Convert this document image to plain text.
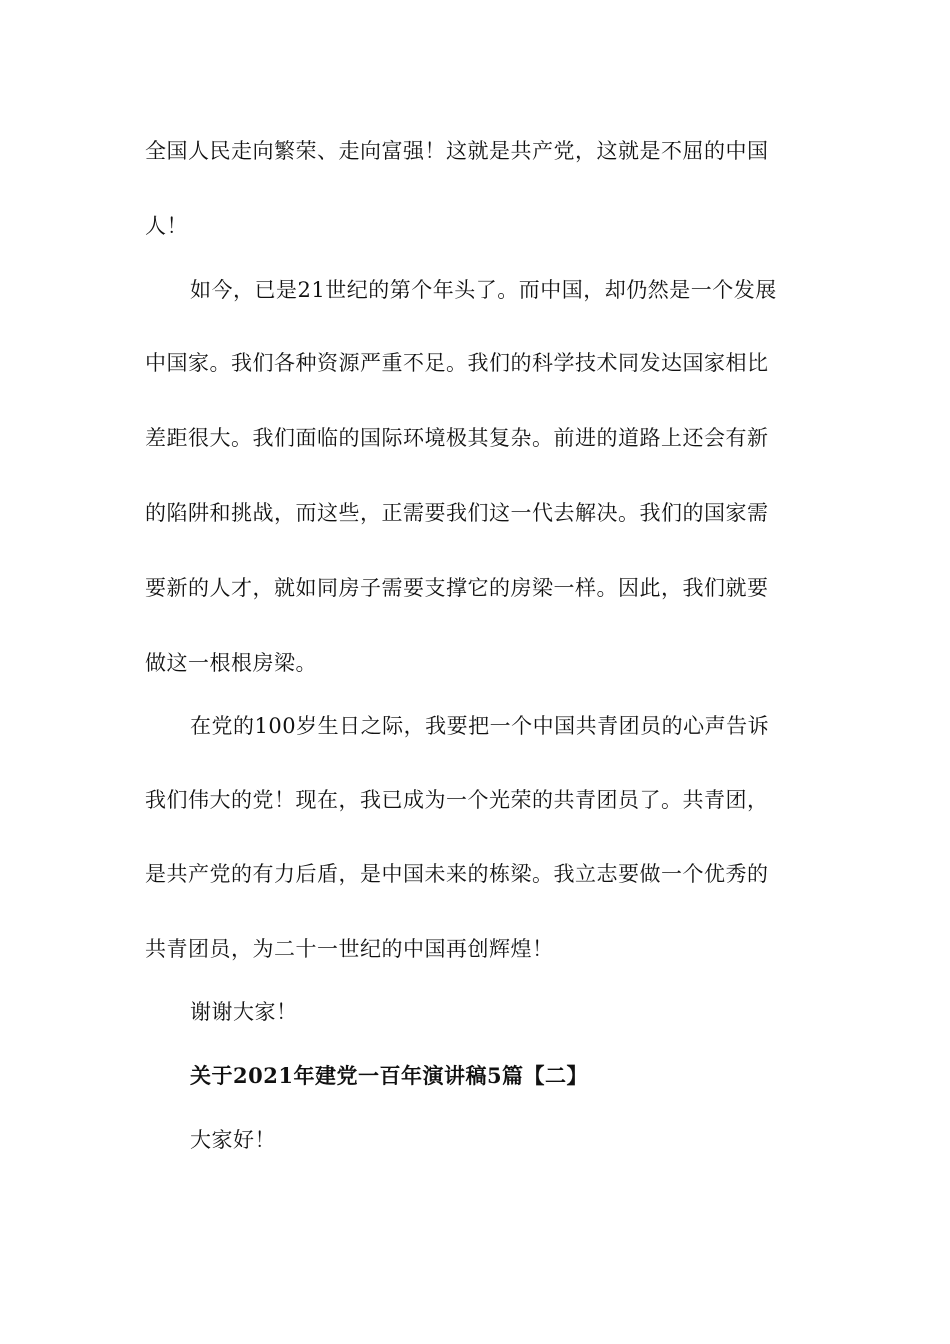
全国人民走向繁荣、走向富强！这就是共产党，这就是不屈的中国
人！
如今，已是21世纪的第个年头了。而中国，却仍然是一个发展
中国家。我们各种资源严重不足。我们的科学技术同发达国家相比
差距很大。我们面临的国际环境极其复杂。前进的道路上还会有新
的陷阱和挑战，而这些，正需要我们这一代去解决。我们的国家需
要新的人才，就如同房子需要支撑它的房梁一样。因此，我们就要
做这一根根房梁。
在党的100岁生日之际，我要把一个中国共青团员的心声告诉
我们伟大的党！现在，我已成为一个光荣的共青团员了。共青团，
是共产党的有力后盾，是中国未来的栋梁。我立志要做一个优秀的
共青团员，为二十一世纪的中国再创辉煌！
谢谢大家！
关于2021年建党一百年演讲稿5篇【二】
大家好！
